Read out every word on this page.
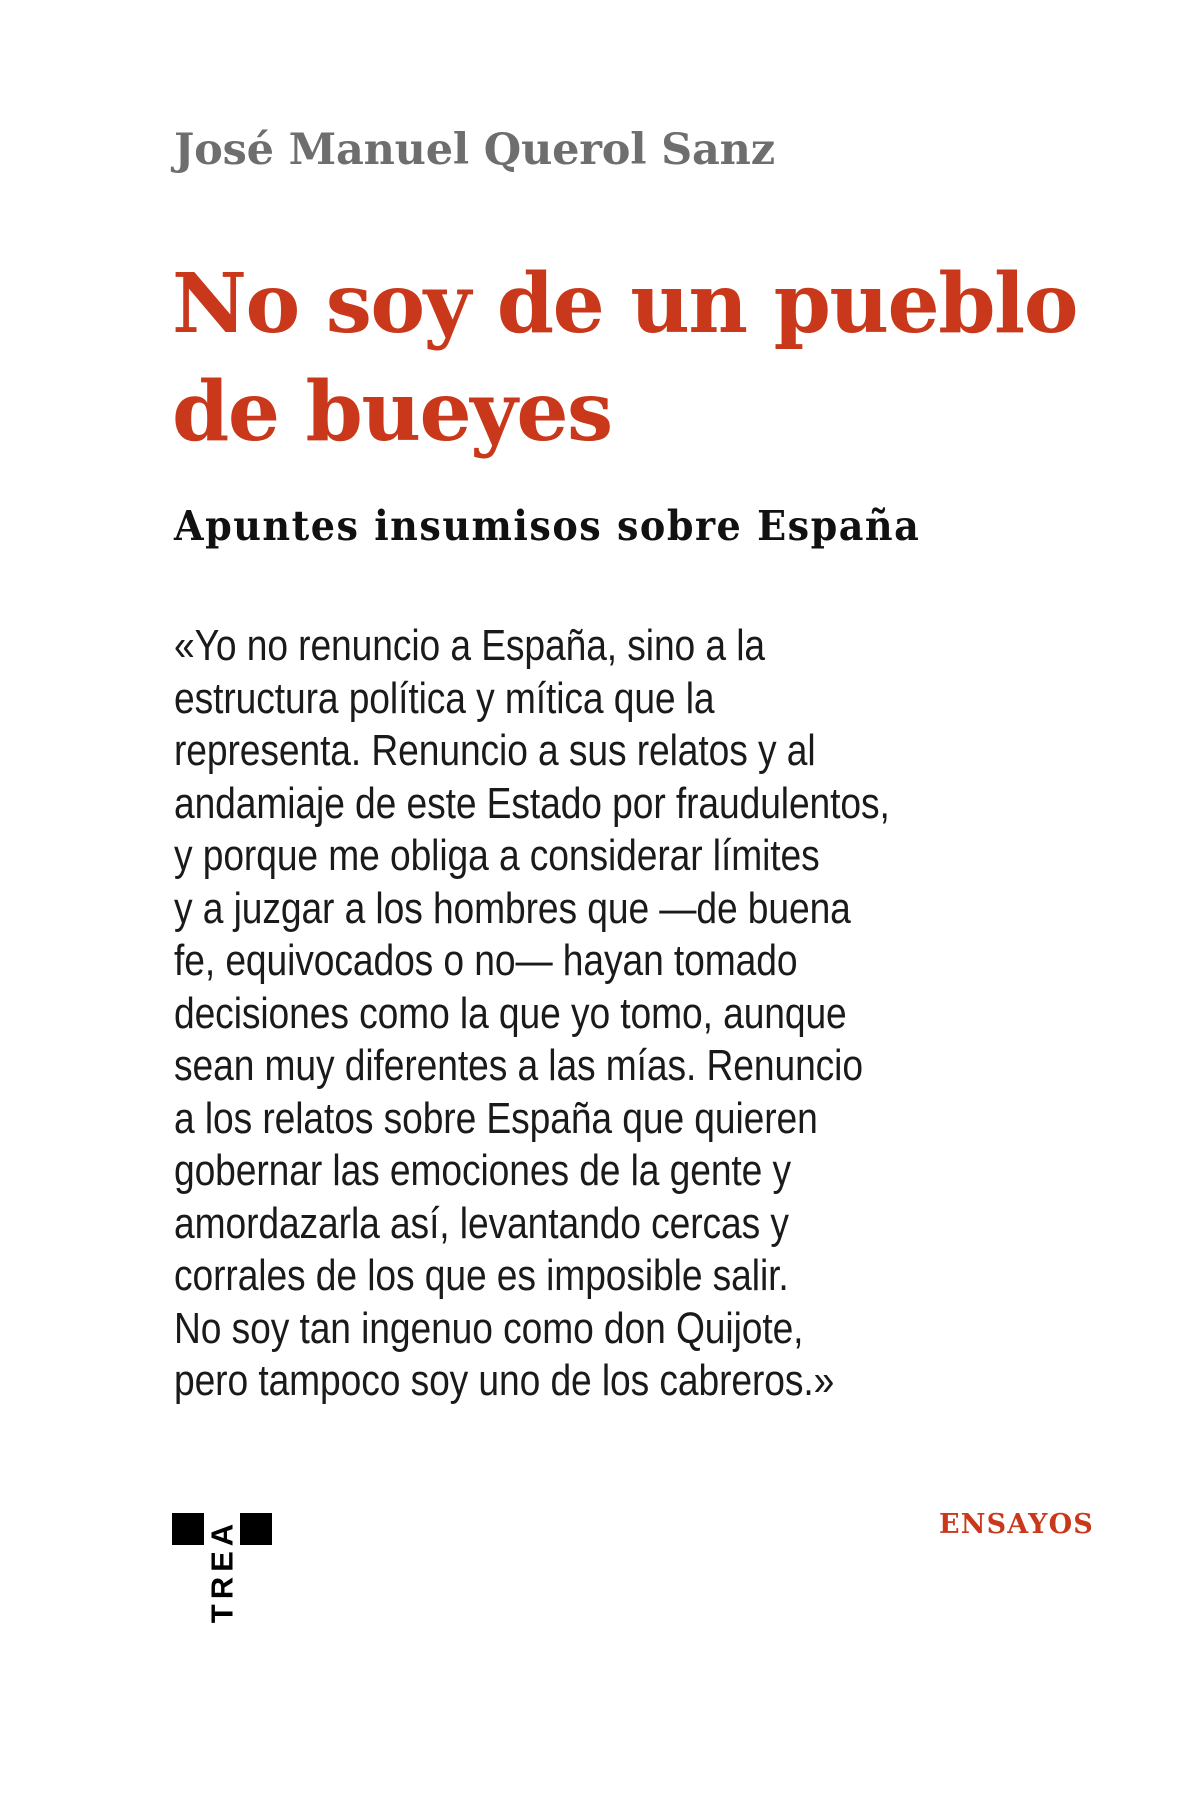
José Manuel Querol Sanz
No soy de un pueblo
de bueyes
Apuntes insumisos sobre España
«Yo no renuncio a España, sino a la
estructura política y mítica que la
representa. Renuncio a sus relatos y al
andamiaje de este Estado por fraudulentos,
y porque me obliga a considerar límites
y a juzgar a los hombres que —de buena
fe, equivocados o no— hayan tomado
decisiones como la que yo tomo, aunque
sean muy diferentes a las mías. Renuncio
a los relatos sobre España que quieren
gobernar las emociones de la gente y
amordazarla así, levantando cercas y
corrales de los que es imposible salir.
No soy tan ingenuo como don Quijote,
pero tampoco soy uno de los cabreros.»
TREA	ENSAYOS
